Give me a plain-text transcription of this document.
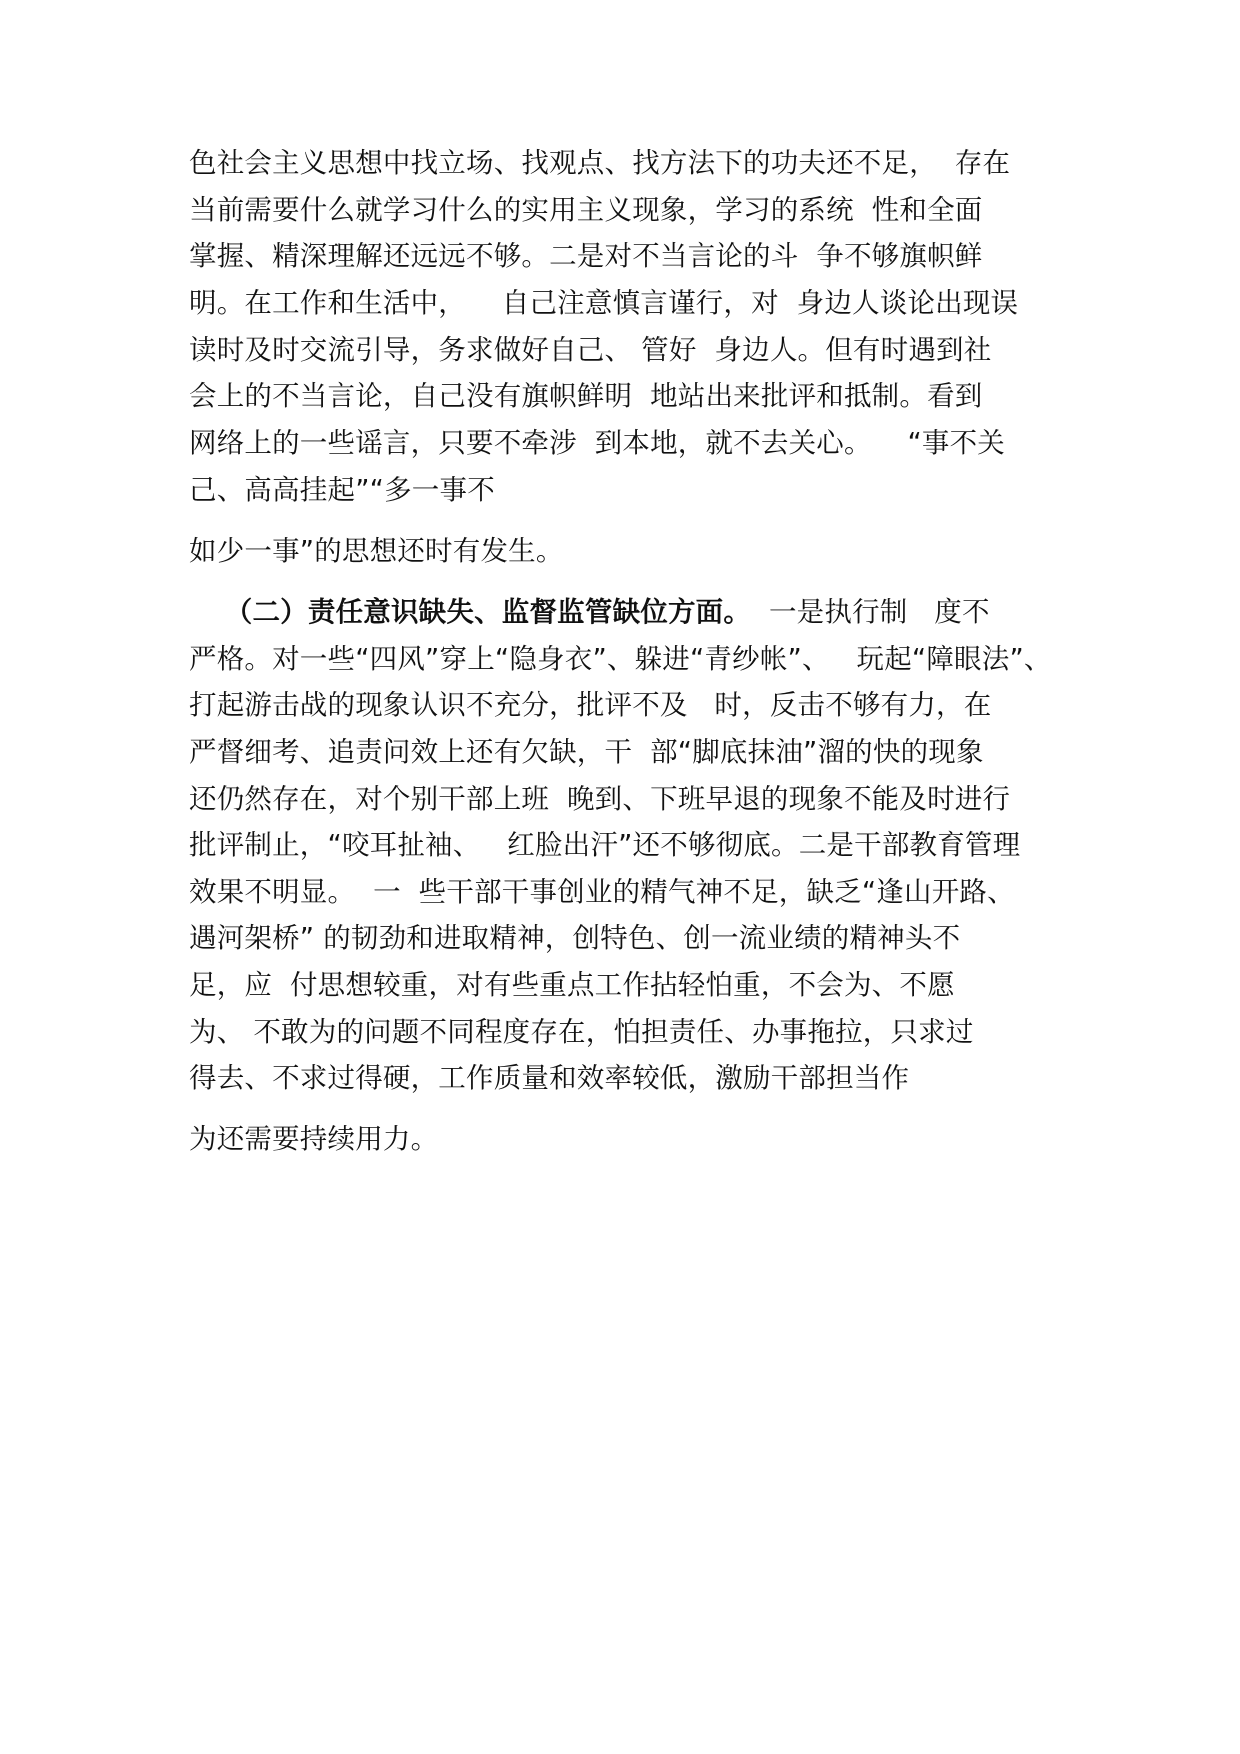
色社会主义思想中找立场、找观点、找方法下的功夫还不足，  存在
当前需要什么就学习什么的实用主义现象，学习的系统  性和全面
掌握、精深理解还远远不够。二是对不当言论的斗  争不够旗帜鲜
明。在工作和生活中，    自己注意慎言谨行，对  身边人谈论出现误
读时及时交流引导，务求做好自己、 管好  身边人。但有时遇到社
会上的不当言论，自己没有旗帜鲜明  地站出来批评和抵制。看到
网络上的一些谣言，只要不牵涉  到本地，就不去关心。    “事不关
己、高高挂起”“多一事不
如少一事”的思想还时有发生。
（二）责任意识缺失、监督监管缺位方面。  一是执行制   度不
严格。对一些“四风”穿上“隐身衣”、躲进“青纱帐”、   玩起“障眼法”、
打起游击战的现象认识不充分，批评不及   时，反击不够有力，在
严督细考、追责问效上还有欠缺，干  部“脚底抹油”溜的快的现象
还仍然存在，对个别干部上班  晚到、下班早退的现象不能及时进行
批评制止，“咬耳扯袖、   红脸出汗”还不够彻底。二是干部教育管理
效果不明显。  一  些干部干事创业的精气神不足，缺乏“逢山开路、
遇河架桥” 的韧劲和进取精神，创特色、创一流业绩的精神头不
足，应  付思想较重，对有些重点工作拈轻怕重，不会为、不愿
为、 不敢为的问题不同程度存在，怕担责任、办事拖拉，只求过
得去、不求过得硬，工作质量和效率较低，激励干部担当作
为还需要持续用力。
